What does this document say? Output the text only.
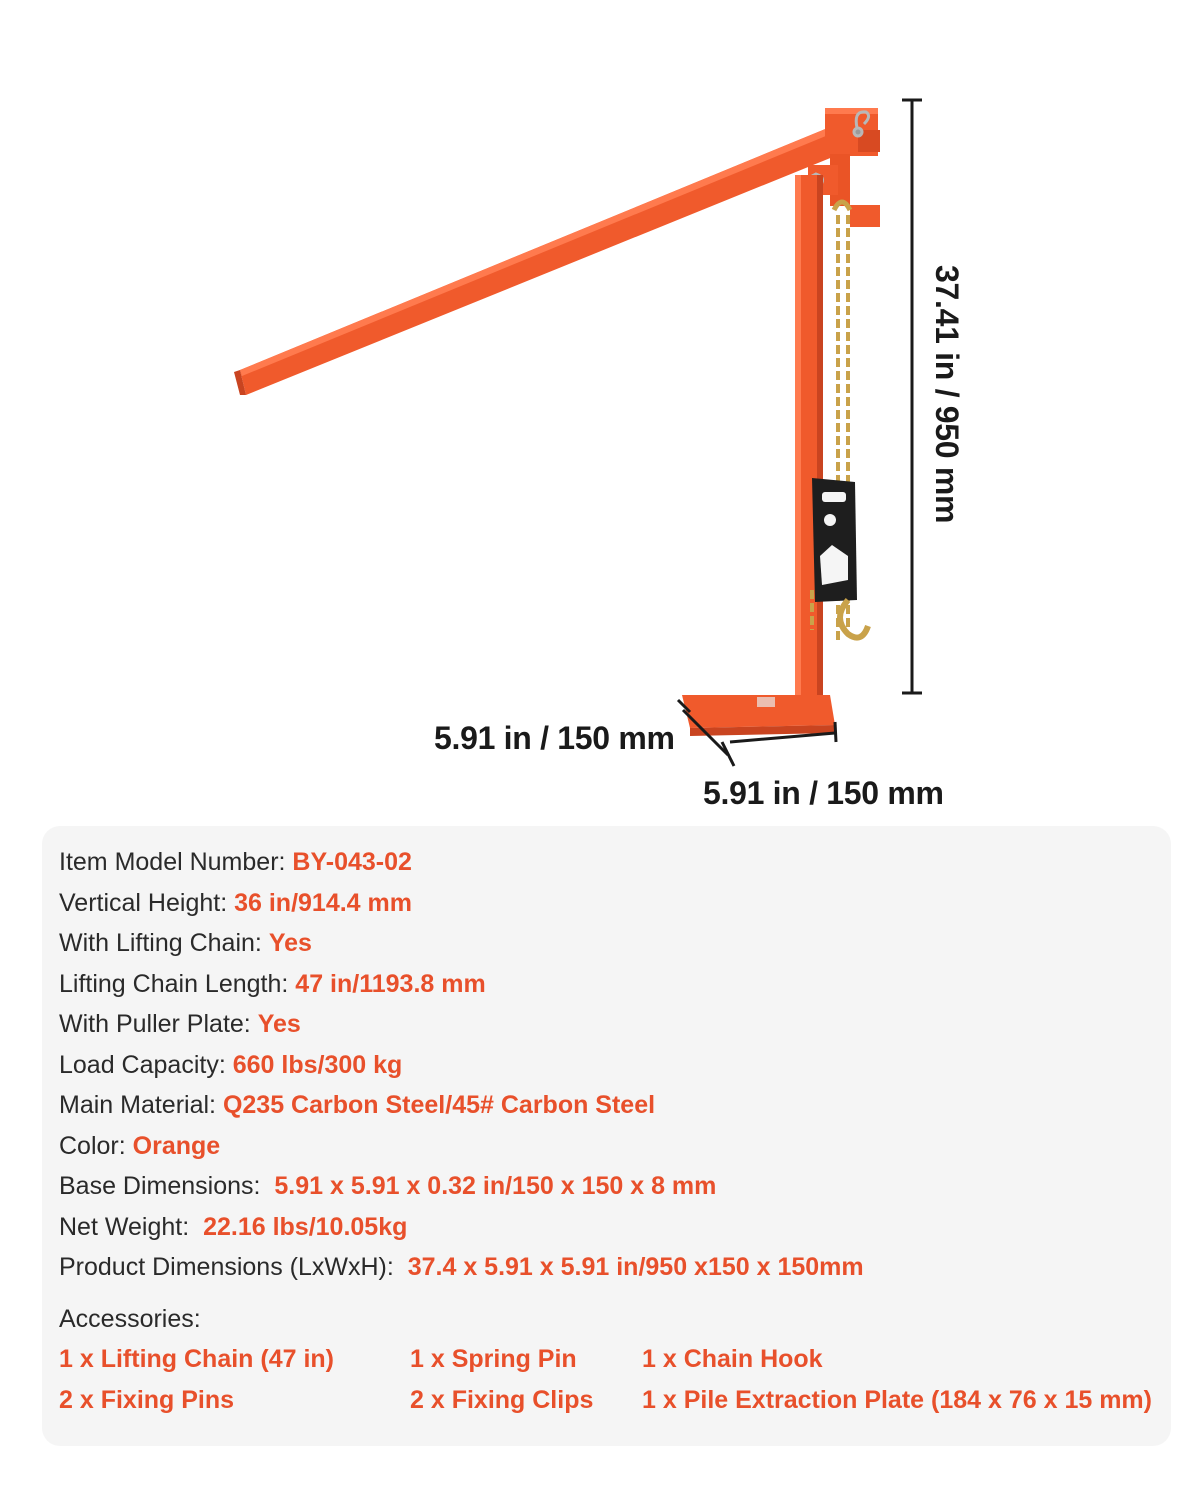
37.41 in / 950 mm
5.91 in / 150 mm
5.91 in / 150 mm
Item Model Number: BY-043-02
Vertical Height: 36 in/914.4 mm
With Lifting Chain: Yes
Lifting Chain Length: 47 in/1193.8 mm
With Puller Plate: Yes
Load Capacity: 660 lbs/300 kg
Main Material: Q235 Carbon Steel/45# Carbon Steel
Color: Orange
Base Dimensions: 5.91 x 5.91 x 0.32 in/150 x 150 x 8 mm
Net Weight: 22.16 lbs/10.05kg
Product Dimensions (LxWxH): 37.4 x 5.91 x 5.91 in/950 x150 x 150mm
Accessories:
1 x Lifting Chain (47 in)	1 x Spring Pin	1 x Chain Hook
2 x Fixing Pins	2 x Fixing Clips 1 x Pile Extraction Plate (184 x 76 x 15 mm)
